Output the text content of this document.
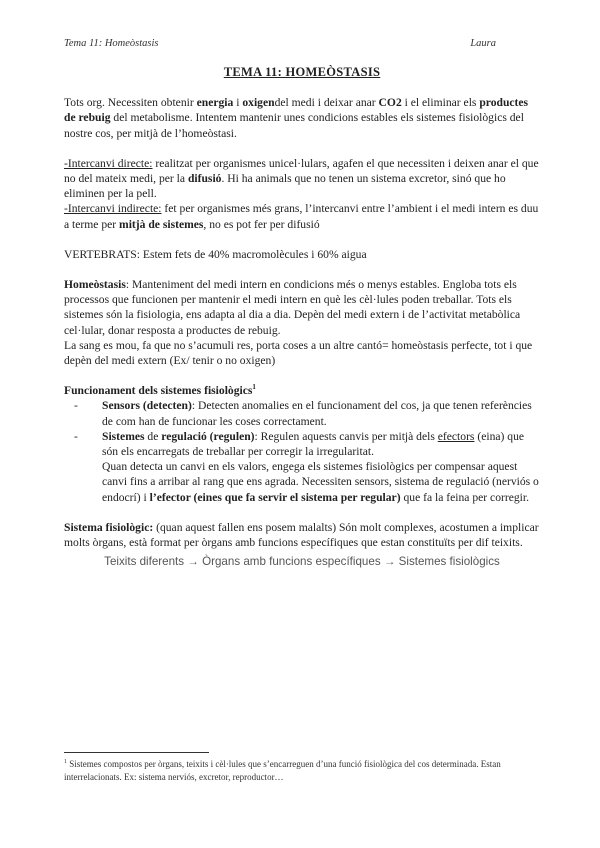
Tema 11: Homeòstasis	Laura
TEMA 11: HOMEÒSTASIS

Tots org. Necessiten obtenir energia i oxigendel medi i deixar anar CO2 i el eliminar els productes de rebuig del metabolisme. Intentem mantenir unes condicions estables els sistemes fisiològics del nostre cos, per mitjà de l’homeòstasi.

-Intercanvi directe: realitzat per organismes unicel·lulars, agafen el que necessiten i deixen anar el que no del mateix medi, per la difusió. Hi ha animals que no tenen un sistema excretor, sinó que ho eliminen per la pell.

-Intercanvi indirecte: fet per organismes més grans, l’intercanvi entre l’ambient i el medi intern es duu a terme per mitjà de sistemes, no es pot fer per difusió

VERTEBRATS: Estem fets de 40% macromolècules i 60% aigua

Homeòstasis: Manteniment del medi intern en condicions més o menys estables. Engloba tots els processos que funcionen per mantenir el medi intern en què les cèl·lules poden treballar. Tots els sistemes són la fisiologia, ens adapta al dia a dia. Depèn del medi extern i de l’activitat metabòlica cel·lular, donar resposta a productes de rebuig.

La sang es mou, fa que no s’acumuli res, porta coses a un altre cantó= homeòstasis perfecte, tot i que depèn del medi extern (Ex/ tenir o no oxigen)

Funcionament dels sistemes fisiològics$^1$

- Sensors (detecten): Detecten anomalies en el funcionament del cos, ja que tenen referències de com han de funcionar les coses correctament.
- Sistemes de regulació (regulen): Regulen aquests canvis per mitjà dels efectors (eina) que són els encarregats de treballar per corregir la irregularitat.
Quan detecta un canvi en els valors, engega els sistemes fisiològics per compensar aquest canvi fins a arribar al rang que ens agrada. Necessiten sensors, sistema de regulació (nerviós o endocrí) i l’efector (eines que fa servir el sistema per regular) que fa la feina per corregir.

Sistema fisiològic: (quan aquest fallen ens posem malalts) Són molt complexes, acostumen a implicar molts òrgans, està format per òrgans amb funcions específiques que estan constituïts per dif teixits.

Teixits diferents → Òrgans amb funcions específiques → Sistemes fisiològics
$^1$ Sistemes compostos per òrgans, teixits i cèl·lules que s’encarreguen d’una funció fisiològica del cos determinada. Estan interrelacionats. Ex: sistema nerviós, excretor, reproductor…
